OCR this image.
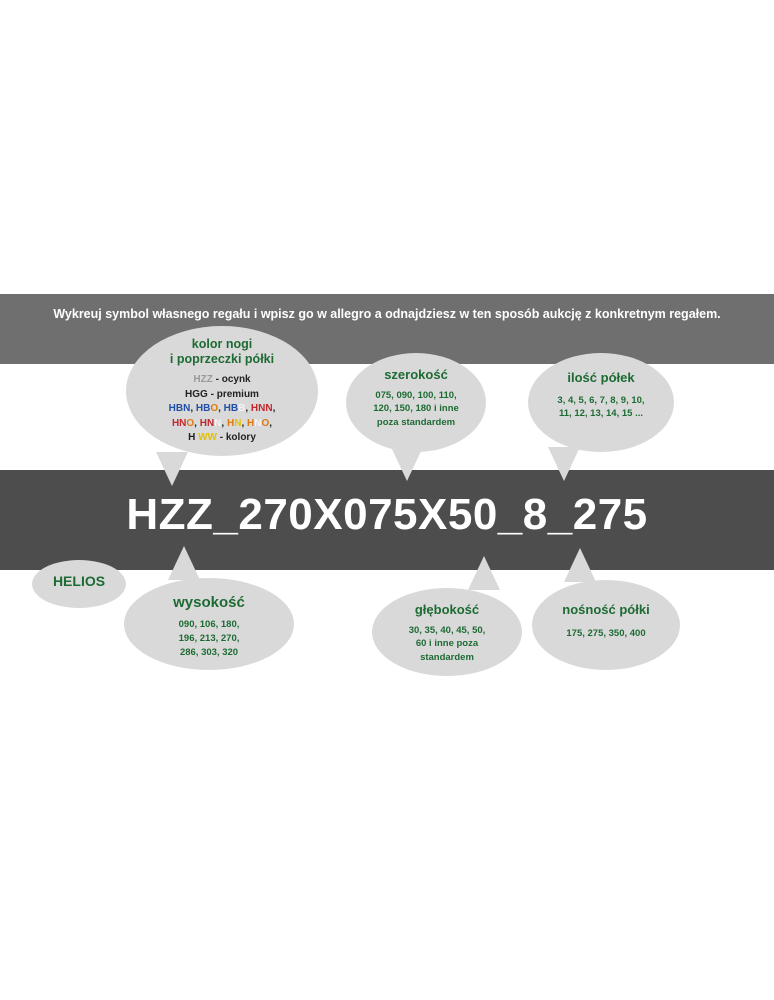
Wykreuj symbol własnego regału i wpisz go w allegro a odnajdziesz w ten sposób aukcję z konkretnym regałem.
HZZ_270X075X50_8_275
kolor nogi
i poprzeczki półki
HZZ - ocynk
HGG - premium
HBN, HBO, HBB, HNN,
HNO, HNN, HN, HNO,
H WW - kolory
szerokość
075, 090, 100, 110,
120, 150, 180 i inne
poza standardem
ilość półek
3, 4, 5, 6, 7, 8, 9, 10,
11, 12, 13, 14, 15 ...
HELIOS
wysokość
090, 106, 180,
196, 213, 270,
286, 303, 320
głębokość
30, 35, 40, 45, 50,
60 i inne poza
standardem
nośność półki
175, 275, 350, 400
